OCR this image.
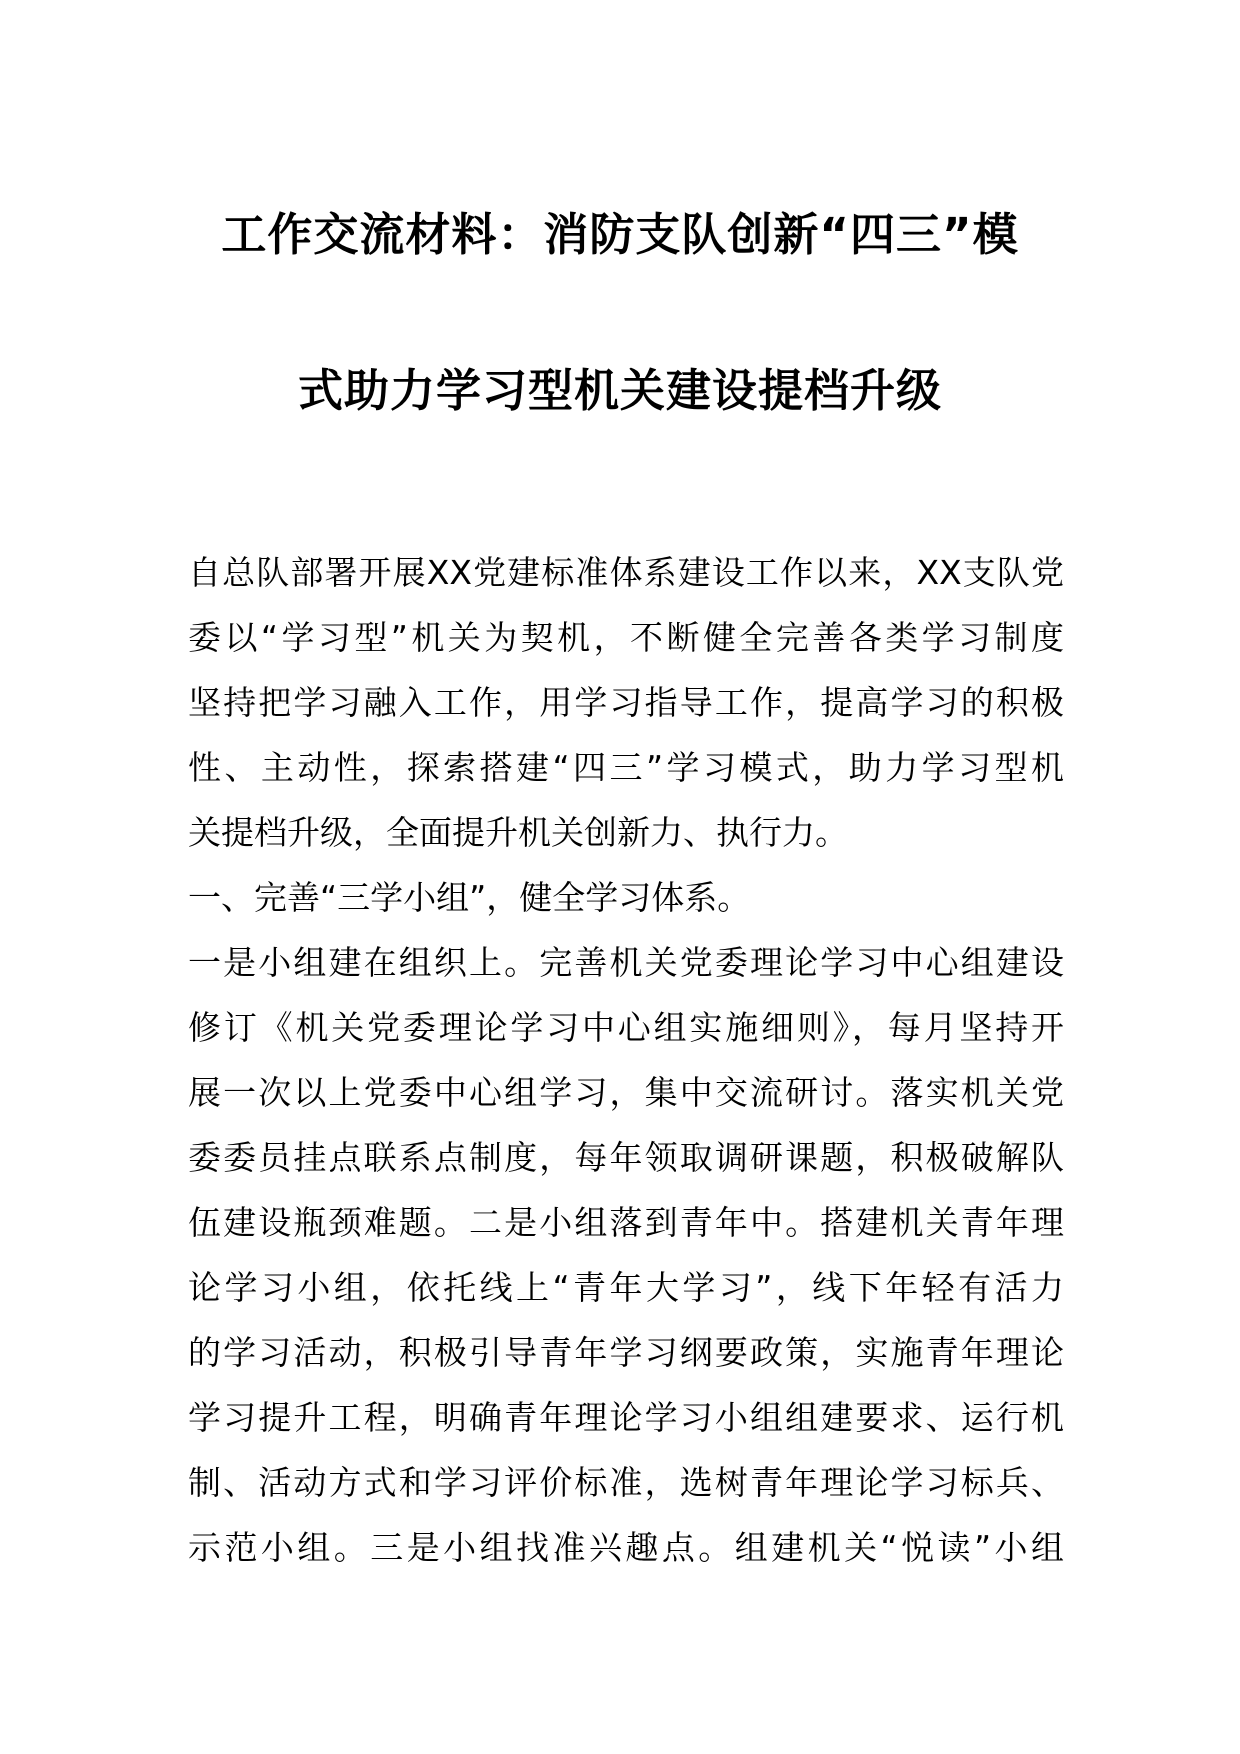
工作交流材料：消防支队创新“四三”模
式助力学习型机关建设提档升级
自总队部署开展XX党建标准体系建设工作以来，XX支队党
委以“学习型”机关为契机，不断健全完善各类学习制度
坚持把学习融入工作，用学习指导工作，提高学习的积极
性、主动性，探索搭建“四三”学习模式，助力学习型机
关提档升级，全面提升机关创新力、执行力。
一、完善“三学小组”，健全学习体系。
一是小组建在组织上。完善机关党委理论学习中心组建设
修订《机关党委理论学习中心组实施细则》，每月坚持开
展一次以上党委中心组学习，集中交流研讨。落实机关党
委委员挂点联系点制度，每年领取调研课题，积极破解队
伍建设瓶颈难题。二是小组落到青年中。搭建机关青年理
论学习小组，依托线上“青年大学习”，线下年轻有活力
的学习活动，积极引导青年学习纲要政策，实施青年理论
学习提升工程，明确青年理论学习小组组建要求、运行机
制、活动方式和学习评价标准，选树青年理论学习标兵、
示范小组。三是小组找准兴趣点。组建机关“悦读”小组
